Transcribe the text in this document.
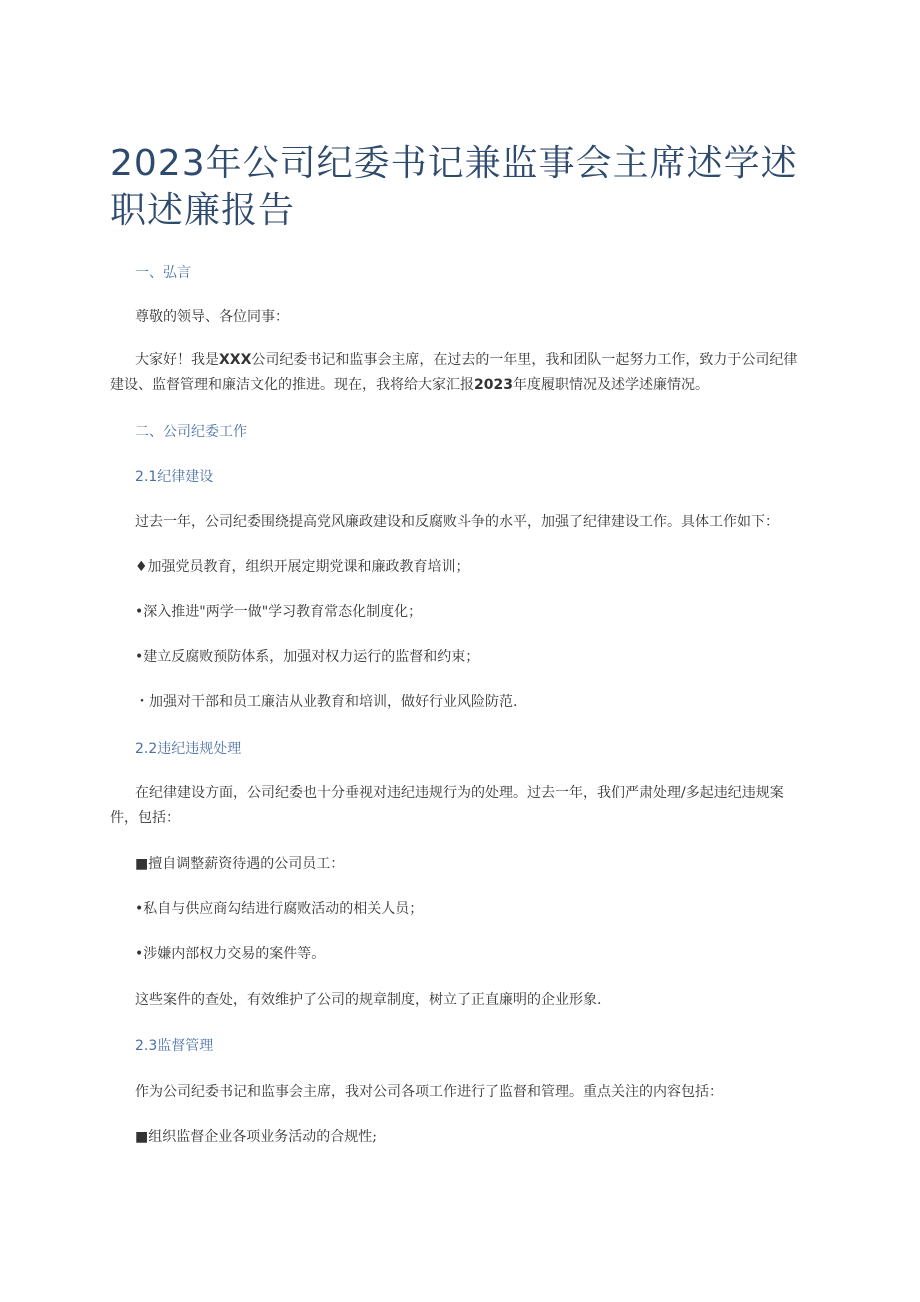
2023年公司纪委书记兼监事会主席述学述职述廉报告

一、弘言

尊敬的领导、各位同事：

大家好！我是XXX公司纪委书记和监事会主席，在过去的一年里，我和团队一起努力工作，致力于公司纪律建设、监督管理和廉洁文化的推进。现在，我将给大家汇报2023年度履职情况及述学述廉情况。

二、公司纪委工作

2.1纪律建设

过去一年，公司纪委围绕提高党风廉政建设和反腐败斗争的水平，加强了纪律建设工作。具体工作如下：

♦加强党员教育，组织开展定期党课和廉政教育培训；

•深入推进"两学一做"学习教育常态化制度化；

•建立反腐败预防体系，加强对权力运行的监督和约束；

・加强对干部和员工廉洁从业教育和培训，做好行业风险防范.

2.2违纪违规处理

在纪律建设方面，公司纪委也十分垂视对违纪违规行为的处理。过去一年，我们严肃处理/多起违纪违规案件，包括：

■擅自调整薪资待遇的公司员工：

•私自与供应商勾结进行腐败活动的相关人员；

•涉嫌内部权力交易的案件等。

这些案件的查处，有效维护了公司的规章制度，树立了正直廉明的企业形象.

2.3监督管理

作为公司纪委书记和监事会主席，我对公司各项工作进行了监督和管理。重点关注的内容包括：

■组织监督企业各项业务活动的合规性;
